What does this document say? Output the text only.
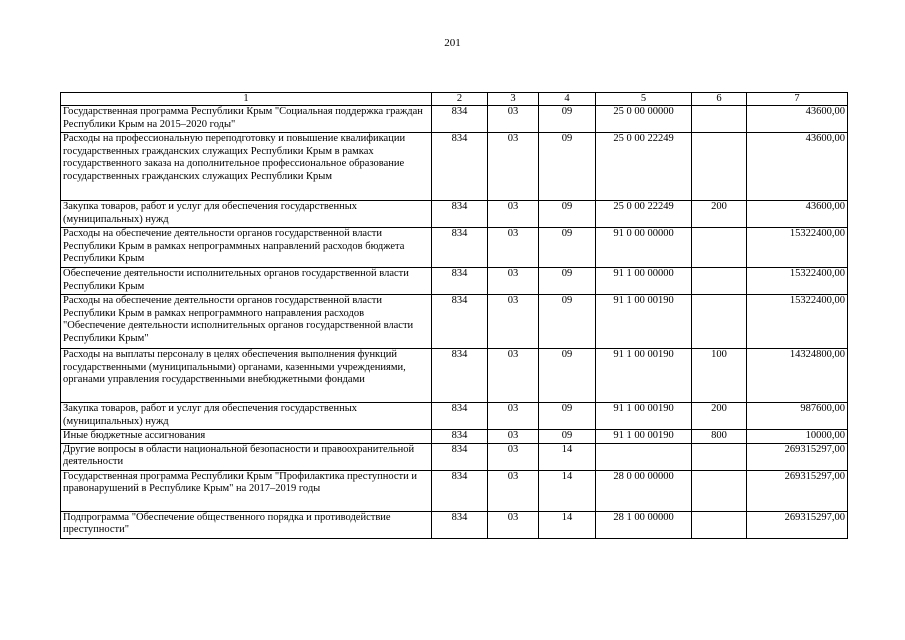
201
1	2	3	4	5	6	7
Государственная программа Республики Крым "Социальная поддержка граждан Республики Крым на 2015–2020 годы"	834	03	09	25 0 00 00000		43600,00
Расходы на профессиональную переподготовку и повышение квалификации государственных гражданских служащих Республики Крым в рамках государственного заказа на дополнительное профессиональное образование государственных гражданских служащих Республики Крым	834	03	09	25 0 00 22249		43600,00
Закупка товаров, работ и услуг для обеспечения государственных (муниципальных) нужд	834	03	09	25 0 00 22249	200	43600,00
Расходы на обеспечение деятельности органов государственной власти Республики Крым в рамках непрограммных направлений расходов бюджета Республики Крым	834	03	09	91 0 00 00000		15322400,00
Обеспечение деятельности исполнительных органов государственной власти Республики Крым	834	03	09	91 1 00 00000		15322400,00
Расходы на обеспечение деятельности органов государственной власти Республики Крым в рамках непрограммного направления расходов "Обеспечение деятельности исполнительных органов государственной власти Республики Крым"	834	03	09	91 1 00 00190		15322400,00
Расходы на выплаты персоналу в целях обеспечения выполнения функций государственными (муниципальными) органами, казенными учреждениями, органами управления государственными внебюджетными фондами	834	03	09	91 1 00 00190	100	14324800,00
Закупка товаров, работ и услуг для обеспечения государственных (муниципальных) нужд	834	03	09	91 1 00 00190	200	987600,00
Иные бюджетные ассигнования	834	03	09	91 1 00 00190	800	10000,00
Другие вопросы в области национальной безопасности и правоохранительной деятельности	834	03	14			269315297,00
Государственная программа Республики Крым "Профилактика преступности и правонарушений в Республике Крым" на 2017–2019 годы	834	03	14	28 0 00 00000		269315297,00
Подпрограмма "Обеспечение общественного порядка и противодействие преступности"	834	03	14	28 1 00 00000		269315297,00
